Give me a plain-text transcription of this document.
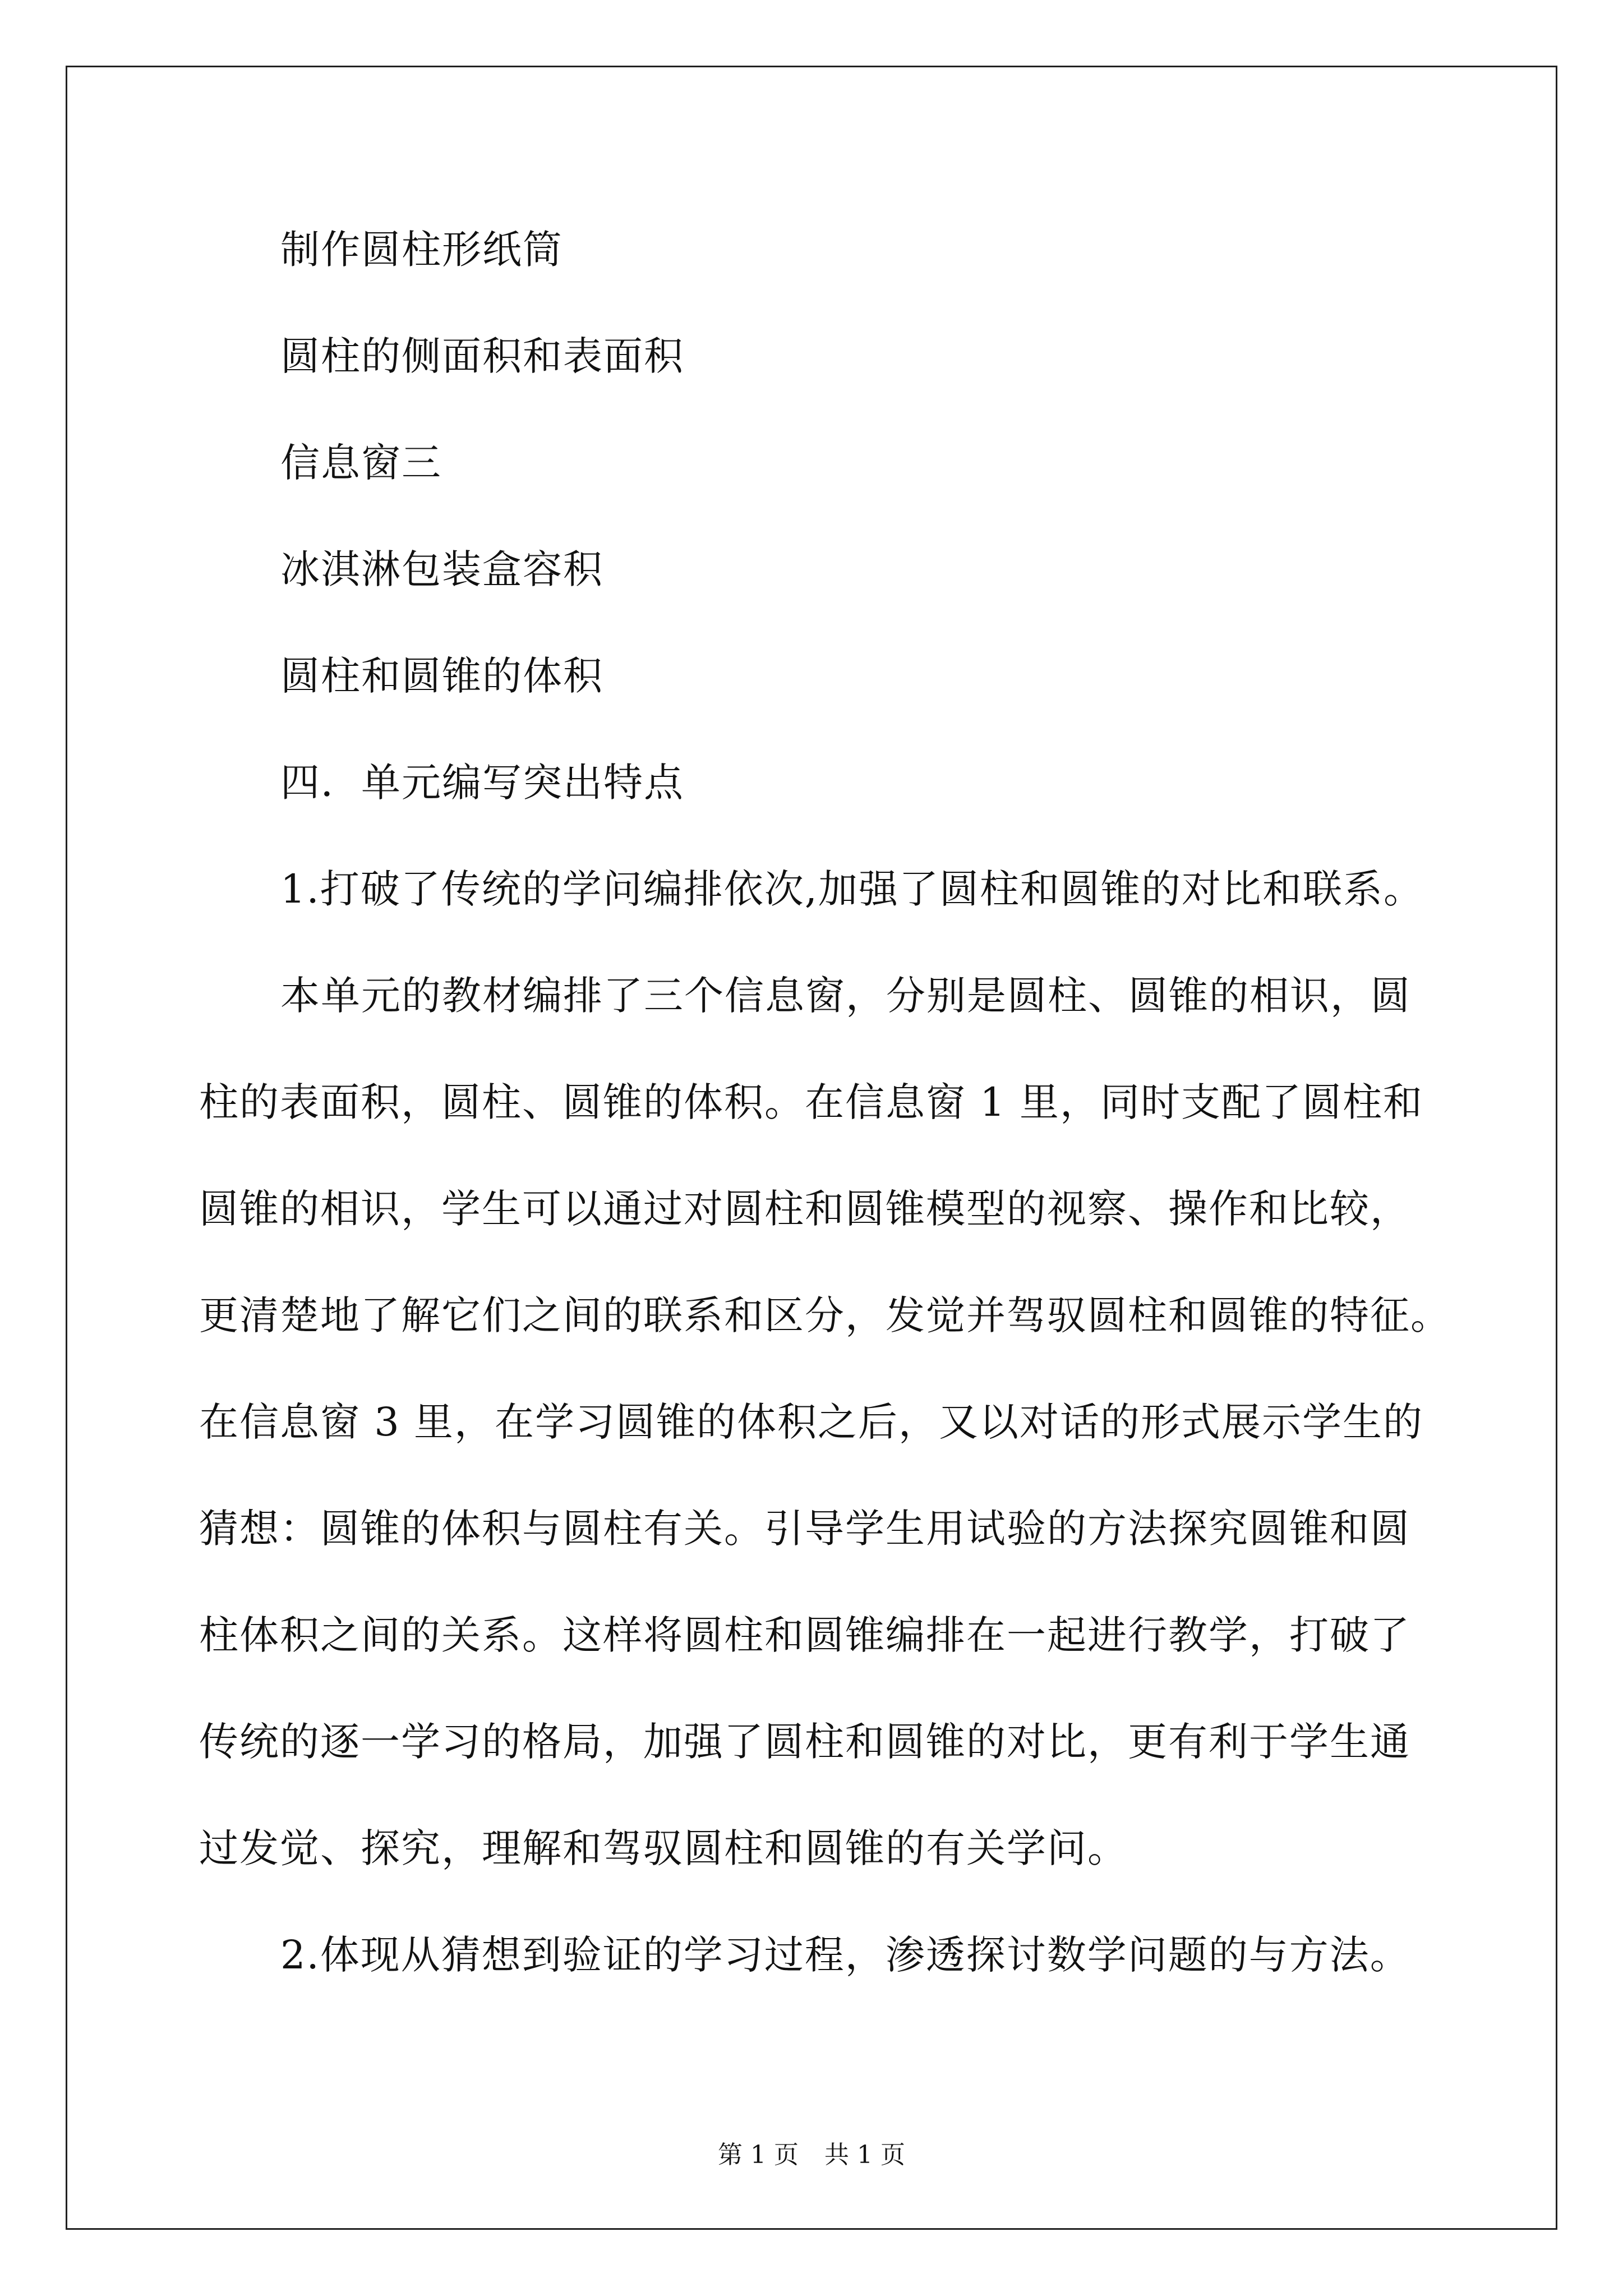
制作圆柱形纸筒
圆柱的侧面积和表面积
信息窗三
冰淇淋包装盒容积
圆柱和圆锥的体积
四．单元编写突出特点
1.打破了传统的学问编排依次,加强了圆柱和圆锥的对比和联系。
本单元的教材编排了三个信息窗，分别是圆柱、圆锥的相识，圆
柱的表面积，圆柱、圆锥的体积。在信息窗 1 里，同时支配了圆柱和
圆锥的相识，学生可以通过对圆柱和圆锥模型的视察、操作和比较，
更清楚地了解它们之间的联系和区分，发觉并驾驭圆柱和圆锥的特征。
在信息窗 3 里，在学习圆锥的体积之后，又以对话的形式展示学生的
猜想：圆锥的体积与圆柱有关。引导学生用试验的方法探究圆锥和圆
柱体积之间的关系。这样将圆柱和圆锥编排在一起进行教学，打破了
传统的逐一学习的格局，加强了圆柱和圆锥的对比，更有利于学生通
过发觉、探究，理解和驾驭圆柱和圆锥的有关学问。
2.体现从猜想到验证的学习过程，渗透探讨数学问题的与方法。
第 1 页 共 1 页
